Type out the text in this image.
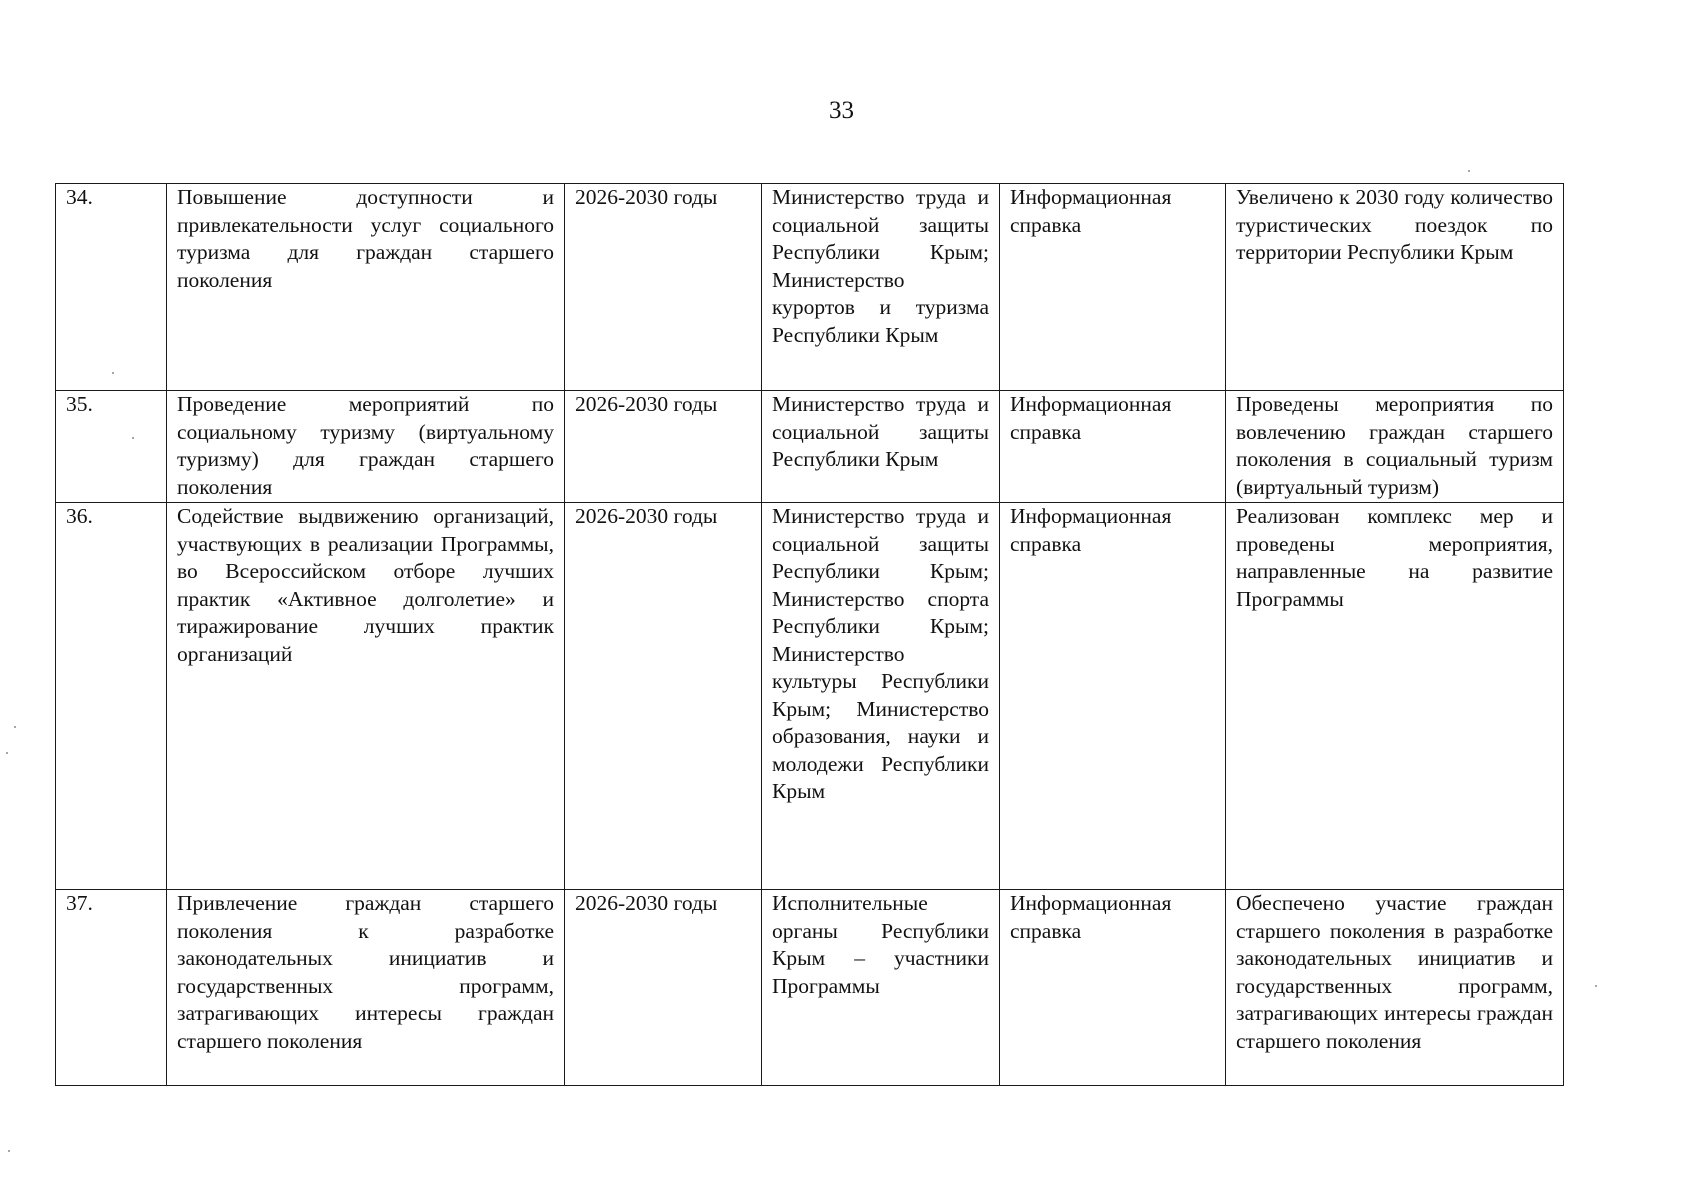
33
34.	Повышение доступности и привлекательности услуг социального туризма для граждан старшего поколения	2026-2030 годы	Министерство труда и социальной защиты Республики Крым; Министерство курортов и туризма Республики Крым	Информационная справка	Увеличено к 2030 году количество туристических поездок по территории Республики Крым
35.	Проведение мероприятий по социальному туризму (виртуальному туризму) для граждан старшего поколения	2026-2030 годы	Министерство труда и социальной защиты Республики Крым	Информационная справка	Проведены мероприятия по вовлечению граждан старшего поколения в социальный туризм (виртуальный туризм)
36.	Содействие выдвижению организаций, участвующих в реализации Программы, во Всероссийском отборе лучших практик «Активное долголетие» и тиражирование лучших практик организаций	2026-2030 годы	Министерство труда и социальной защиты Республики Крым; Министерство спорта Республики Крым; Министерство культуры Республики Крым; Министерство образования, науки и молодежи Республики Крым	Информационная справка	Реализован комплекс мер и проведены мероприятия, направленные на развитие Программы
37.	Привлечение граждан старшего поколения к разработке законодательных инициатив и государственных программ, затрагивающих интересы граждан старшего поколения	2026-2030 годы	Исполнительные органы Республики Крым – участники Программы	Информационная справка	Обеспечено участие граждан старшего поколения в разработке законодательных инициатив и государственных программ, затрагивающих интересы граждан старшего поколения
